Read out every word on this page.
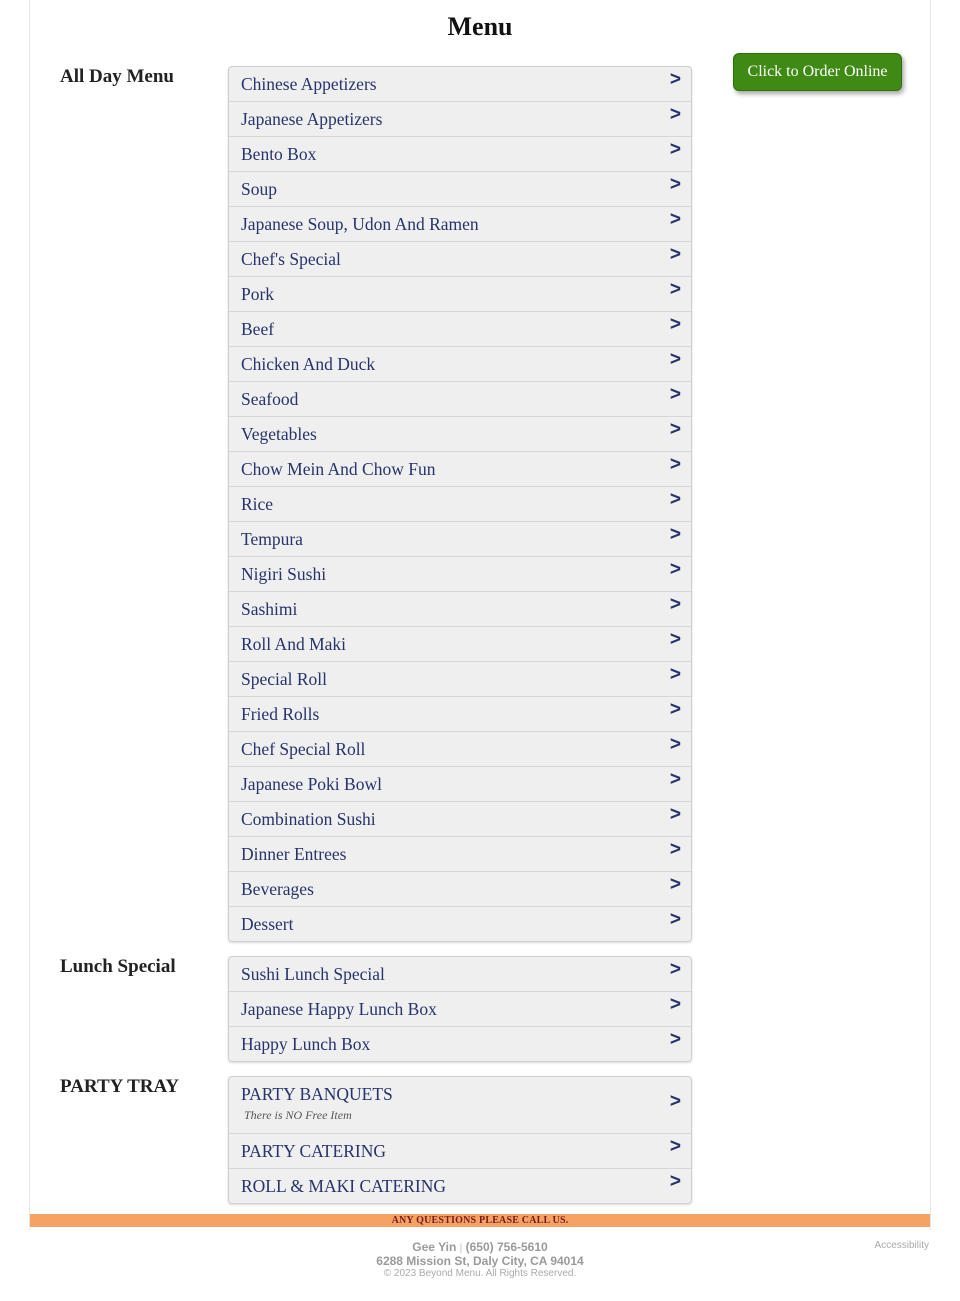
Menu
Click to Order Online
All Day Menu	Chinese Appetizers	>
Japanese Appetizers	>
Bento Box	>
Soup	>
Japanese Soup, Udon And Ramen	>
Chef's Special	>
Pork	>
Beef	>
Chicken And Duck	>
Seafood	>
Vegetables	>
Chow Mein And Chow Fun	>
Rice	>
Tempura	>
Nigiri Sushi	>
Sashimi	>
Roll And Maki	>
Special Roll	>
Fried Rolls	>
Chef Special Roll	>
Japanese Poki Bowl	>
Combination Sushi	>
Dinner Entrees	>
Beverages	>
Dessert	>
Lunch Special	Sushi Lunch Special	>
Japanese Happy Lunch Box	>
Happy Lunch Box	>
PARTY TRAY	PARTY BANQUETS
There is NO Free Item
>
PARTY CATERING	>
ROLL & MAKI CATERING	>
ANY QUESTIONS PLEASE CALL US.
Gee Yin | (650) 756-5610
6288 Mission St, Daly City, CA 94014
© 2023 Beyond Menu. All Rights Reserved.
Accessibility
